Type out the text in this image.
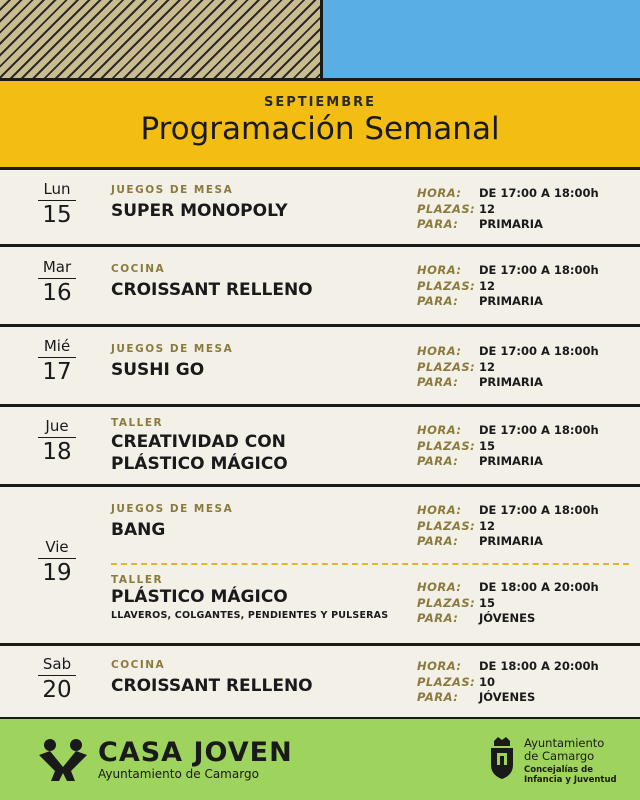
SEPTIEMBRE
Programación Semanal
Lun
15
JUEGOS DE MESA
SUPER MONOPOLY
HORA: DE 17:00 A 18:00h
PLAZAS: 12
PARA: PRIMARIA
Mar
16
COCINA
CROISSANT RELLENO
HORA: DE 17:00 A 18:00h
PLAZAS: 12
PARA: PRIMARIA
Mié
17
JUEGOS DE MESA
SUSHI GO
HORA: DE 17:00 A 18:00h
PLAZAS: 12
PARA: PRIMARIA
Jue
18
TALLER
CREATIVIDAD CON
PLÁSTICO MÁGICO
HORA: DE 17:00 A 18:00h
PLAZAS: 15
PARA: PRIMARIA
Vie
19
JUEGOS DE MESA
BANG
HORA: DE 17:00 A 18:00h
PLAZAS: 12
PARA: PRIMARIA
TALLER
PLÁSTICO MÁGICO
LLAVEROS, COLGANTES, PENDIENTES Y PULSERAS
HORA: DE 18:00 A 20:00h
PLAZAS: 15
PARA: JÓVENES
Sab
20
COCINA
CROISSANT RELLENO
HORA: DE 18:00 A 20:00h
PLAZAS: 10
PARA: JÓVENES
CASA JOVEN
Ayuntamiento de Camargo
Ayuntamiento
de Camargo
Concejalías de
Infancia y Juventud
